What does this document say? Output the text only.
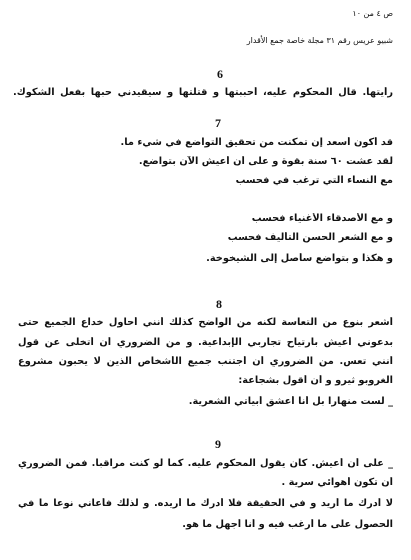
ص ٤ من ١٠
شبيو عريس رقم ٣١ مجلة خاصة جمع الأقدار
6
رأيتها. قال المحكوم عليه، أحببتها و قتلتها و سيقيدني حبها بفعل الشكوك.
7
قد أكون أسعد إن تمكنت من تحقيق التواضع في شيء ما.
لقد عشت ٦٠ سنة بقوة و على أن أعيش الآن بتواضع.
مع النساء التي ترغب في فحسب
و مع الأصدقاء الأغنياء فحسب
و مع الشعر الحسن التأليف فحسب
و هكذا و بتواضع سأصل إلى الشيخوخة.
8
أشعر بنوع من التعاسة لكنه من الواضح كذلك أنني أحاول خداع الجميع حتى
بدعوني أعيش بارتياح تجاربي الإبداعية. و من الضروري أن أتخلى عن قول
أنني تعس. من الضروري أن أجتنب جميع الأشخاص الذين لا يحبون مشروع
الغروبو ثيرو و أن أقول بشجاعة:
_ لست منهارا بل أنا أعشق أبياتي الشعرية.
9
_ على أن أعيش. كان يقول المحكوم عليه. كما لو كنت مراقبا. فمن الضروري
أن تكون أهوائي سرية .
لا أدرك ما أريد و في الحقيقة فلا أدرك ما أريده. و لذلك فأعاني نوعا ما في
الحصول على ما أرغب فيه و أنا أجهل ما هو.
